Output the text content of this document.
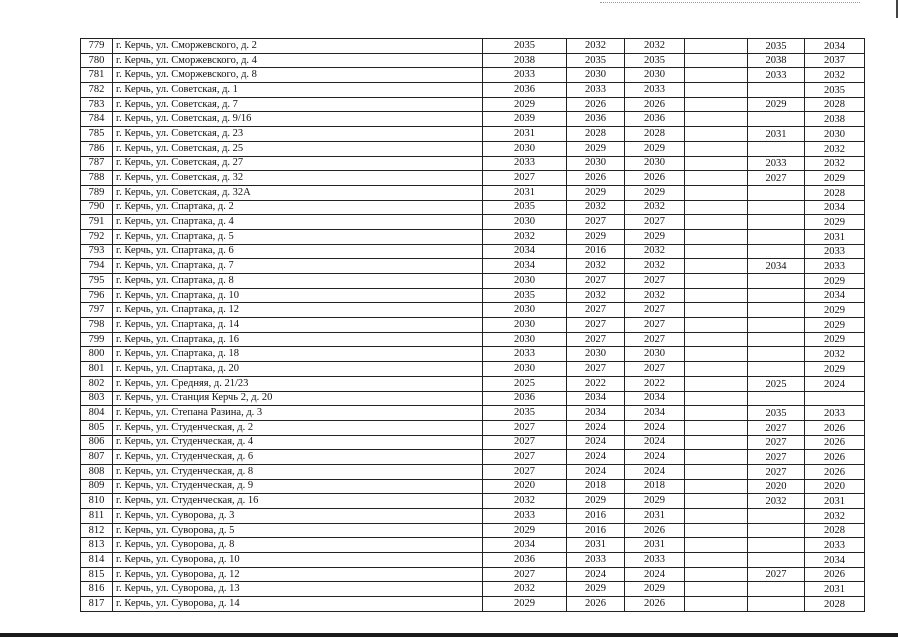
779	г. Керчь, ул. Сморжевского, д. 2	2035	2032	2032		2035	2034
780	г. Керчь, ул. Сморжевского, д. 4	2038	2035	2035		2038	2037
781	г. Керчь, ул. Сморжевского, д. 8	2033	2030	2030		2033	2032
782	г. Керчь, ул. Советская, д. 1	2036	2033	2033			2035
783	г. Керчь, ул. Советская, д. 7	2029	2026	2026		2029	2028
784	г. Керчь, ул. Советская, д. 9/16	2039	2036	2036			2038
785	г. Керчь, ул. Советская, д. 23	2031	2028	2028		2031	2030
786	г. Керчь, ул. Советская, д. 25	2030	2029	2029			2032
787	г. Керчь, ул. Советская, д. 27	2033	2030	2030		2033	2032
788	г. Керчь, ул. Советская, д. 32	2027	2026	2026		2027	2029
789	г. Керчь, ул. Советская, д. 32А	2031	2029	2029			2028
790	г. Керчь, ул. Спартака, д. 2	2035	2032	2032			2034
791	г. Керчь, ул. Спартака, д. 4	2030	2027	2027			2029
792	г. Керчь, ул. Спартака, д. 5	2032	2029	2029			2031
793	г. Керчь, ул. Спартака, д. 6	2034	2016	2032			2033
794	г. Керчь, ул. Спартака, д. 7	2034	2032	2032		2034	2033
795	г. Керчь, ул. Спартака, д. 8	2030	2027	2027			2029
796	г. Керчь, ул. Спартака, д. 10	2035	2032	2032			2034
797	г. Керчь, ул. Спартака, д. 12	2030	2027	2027			2029
798	г. Керчь, ул. Спартака, д. 14	2030	2027	2027			2029
799	г. Керчь, ул. Спартака, д. 16	2030	2027	2027			2029
800	г. Керчь, ул. Спартака, д. 18	2033	2030	2030			2032
801	г. Керчь, ул. Спартака, д. 20	2030	2027	2027			2029
802	г. Керчь, ул. Средняя, д. 21/23	2025	2022	2022		2025	2024
803	г. Керчь, ул. Станция Керчь 2, д. 20	2036	2034	2034			
804	г. Керчь, ул. Степана Разина, д. 3	2035	2034	2034		2035	2033
805	г. Керчь, ул. Студенческая, д. 2	2027	2024	2024		2027	2026
806	г. Керчь, ул. Студенческая, д. 4	2027	2024	2024		2027	2026
807	г. Керчь, ул. Студенческая, д. 6	2027	2024	2024		2027	2026
808	г. Керчь, ул. Студенческая, д. 8	2027	2024	2024		2027	2026
809	г. Керчь, ул. Студенческая, д. 9	2020	2018	2018		2020	2020
810	г. Керчь, ул. Студенческая, д. 16	2032	2029	2029		2032	2031
811	г. Керчь, ул. Суворова, д. 3	2033	2016	2031			2032
812	г. Керчь, ул. Суворова, д. 5	2029	2016	2026			2028
813	г. Керчь, ул. Суворова, д. 8	2034	2031	2031			2033
814	г. Керчь, ул. Суворова, д. 10	2036	2033	2033			2034
815	г. Керчь, ул. Суворова, д. 12	2027	2024	2024		2027	2026
816	г. Керчь, ул. Суворова, д. 13	2032	2029	2029			2031
817	г. Керчь, ул. Суворова, д. 14	2029	2026	2026			2028
